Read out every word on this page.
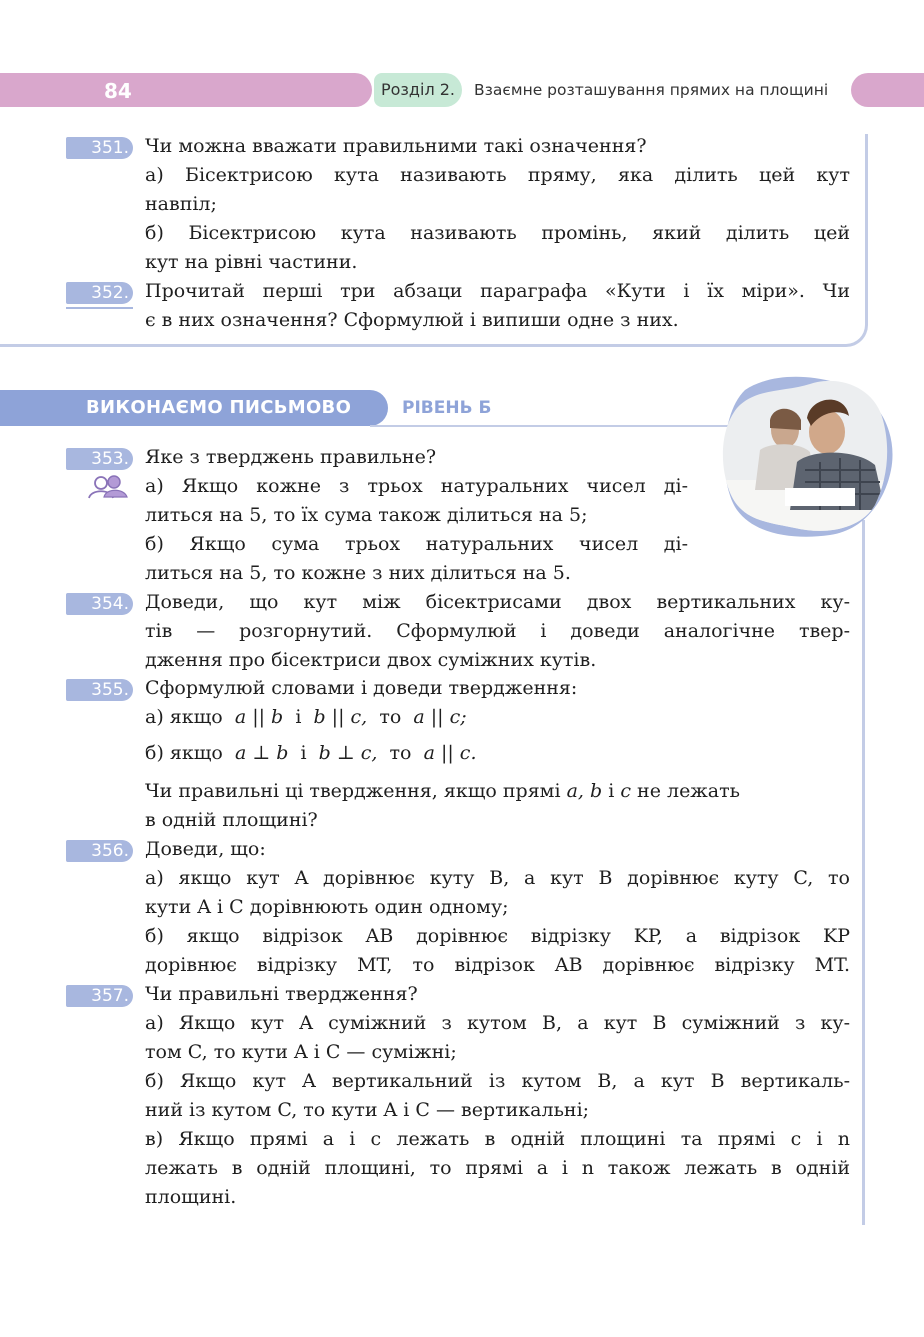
84	Розділ 2.	Взаємне розташування прямих на площині
351. Чи можна вважати правильними такі означення?
а) Бісектрисою кута називають пряму, яка ділить цей кут
навпіл;
б) Бісектрисою кута називають промінь, який ділить цей
кут на рівні частини.
352. Прочитай перші три абзаци параграфа «Кути і їх міри». Чи
є в них означення? Сформулюй і випиши одне з них.
ВИКОНАЄМО ПИСЬМОВО	РІВЕНЬ Б
353. Яке з тверджень правильне?
а) Якщо кожне з трьох натуральних чисел ді-
литься на 5, то їх сума також ділиться на 5;
б) Якщо сума трьох натуральних чисел ді-
литься на 5, то кожне з них ділиться на 5.
354. Доведи, що кут між бісектрисами двох вертикальних ку-
тів — розгорнутий. Сформулюй і доведи аналогічне твер-
дження про бісектриси двох суміжних кутів.
355. Сформулюй словами і доведи твердження:
а) якщо a || b і b || c, то a || c;
б) якщо a ⊥ b і b ⊥ c, то a || c.
Чи правильні ці твердження, якщо прямі a, b і c не лежать
в одній площині?
356. Доведи, що:
а) якщо кут A дорівнює куту B, а кут B дорівнює куту C, то
кути A і C дорівнюють один одному;
б) якщо відрізок AB дорівнює відрізку KP, а відрізок KP
дорівнює відрізку MT, то відрізок AB дорівнює відрізку MT.
357. Чи правильні твердження?
а) Якщо кут A суміжний з кутом B, а кут B суміжний з ку-
том C, то кути A і C — суміжні;
б) Якщо кут A вертикальний із кутом B, а кут B вертикаль-
ний із кутом C, то кути A і C — вертикальні;
в) Якщо прямі a і c лежать в одній площині та прямі c і n
лежать в одній площині, то прямі a і n також лежать в одній
площині.
